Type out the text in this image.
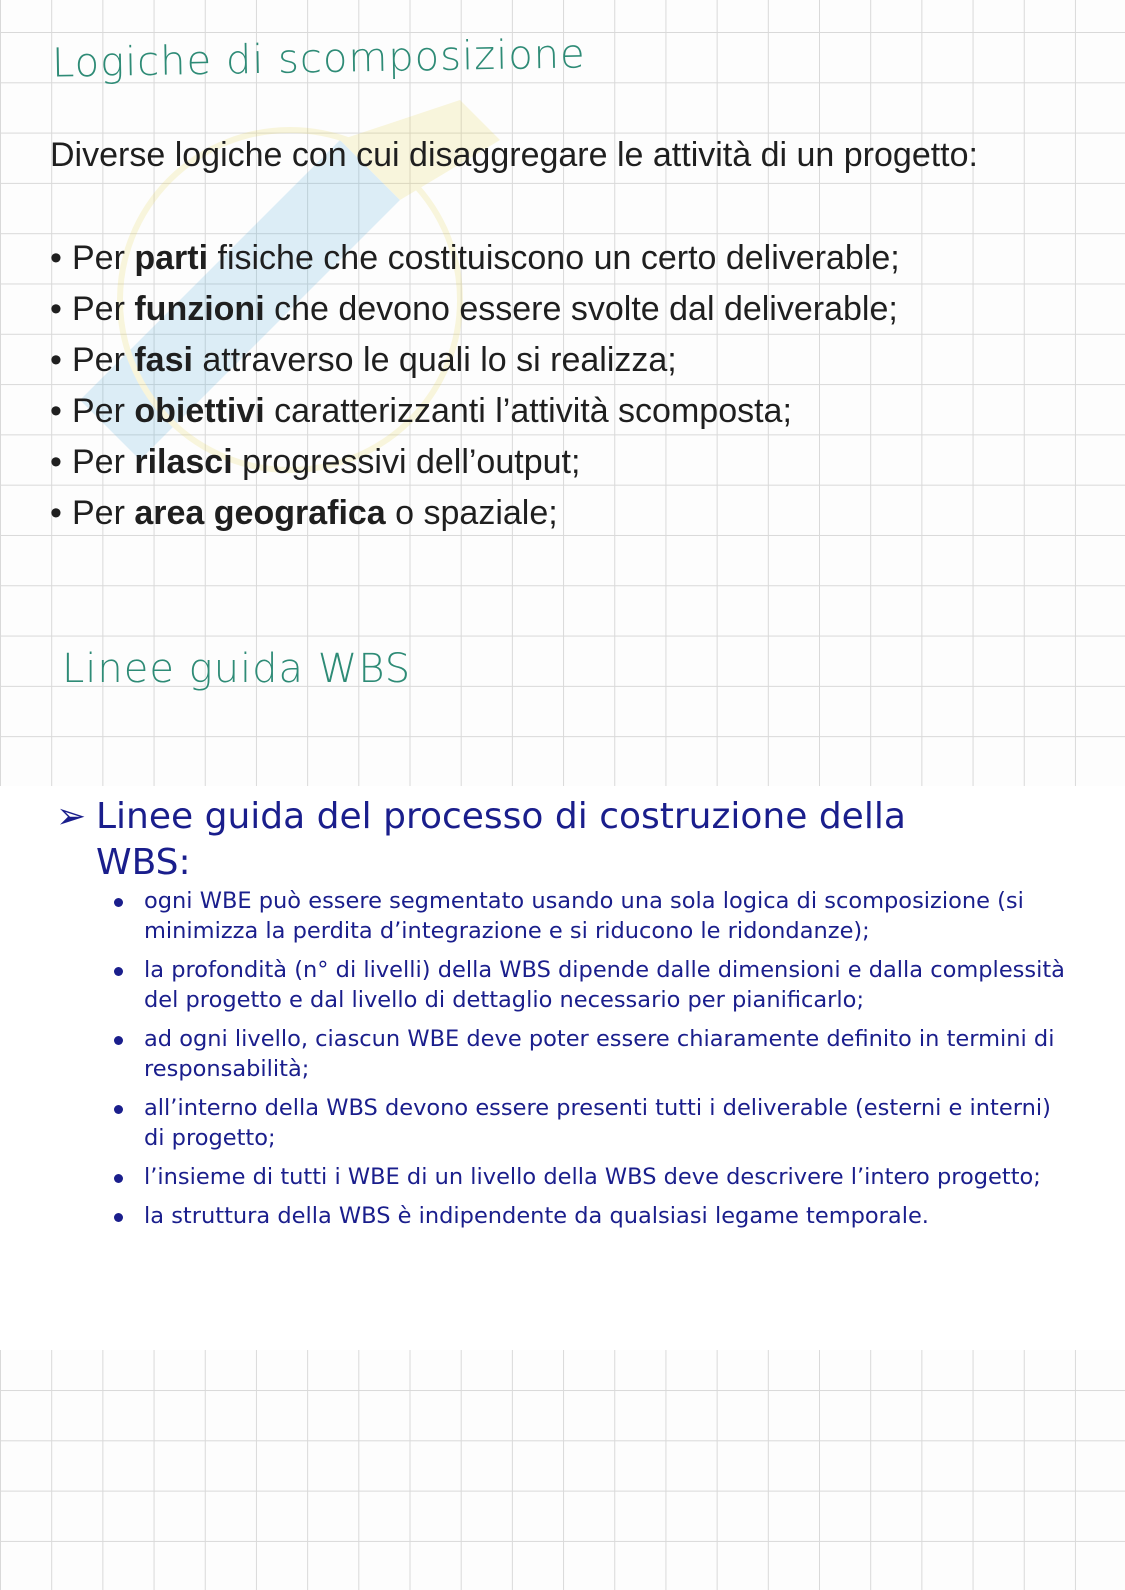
Logiche di scomposizione

Diverse logiche con cui disaggregare le attività di un progetto:

• Per parti fisiche che costituiscono un certo deliverable;
• Per funzioni che devono essere svolte dal deliverable;
• Per fasi attraverso le quali lo si realizza;
• Per obiettivi caratterizzanti l’attività scomposta;
• Per rilasci progressivi dell’output;
• Per area geografica o spaziale;
Linee guida WBS
➢ Linee guida del processo di costruzione della WBS:
ogni WBE può essere segmentato usando una sola logica di scomposizione (si minimizza la perdita d’integrazione e si riducono le ridondanze);
la profondità (n° di livelli) della WBS dipende dalle dimensioni e dalla complessità del progetto e dal livello di dettaglio necessario per pianificarlo;
ad ogni livello, ciascun WBE deve poter essere chiaramente definito in termini di responsabilità;
all’interno della WBS devono essere presenti tutti i deliverable (esterni e interni) di progetto;
l’insieme di tutti i WBE di un livello della WBS deve descrivere l’intero progetto;
la struttura della WBS è indipendente da qualsiasi legame temporale.
